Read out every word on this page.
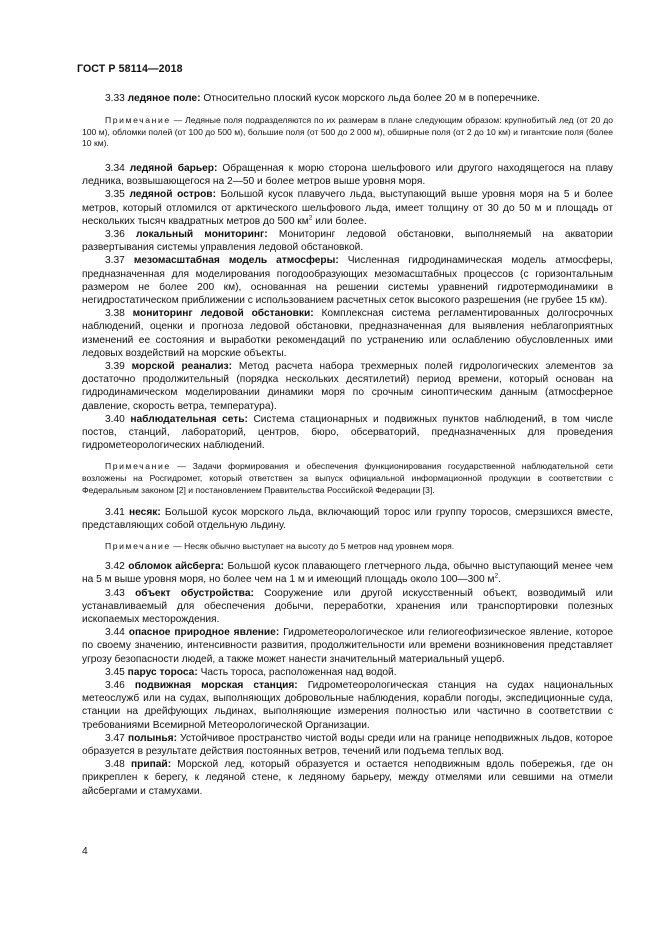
ГОСТ Р 58114—2018

3.33 ледяное поле: Относительно плоский кусок морского льда более 20 м в поперечнике.

Примечание — Ледяные поля подразделяются по их размерам в плане следующим образом: крупнобитый лед (от 20 до 100 м), обломки полей (от 100 до 500 м), большие поля (от 500 до 2 000 м), обширные поля (от 2 до 10 км) и гигантские поля (более 10 км).

3.34 ледяной барьер: Обращенная к морю сторона шельфового или другого находящегося на плаву ледника, возвышающегося на 2—50 и более метров выше уровня моря.

3.35 ледяной остров: Большой кусок плавучего льда, выступающий выше уровня моря на 5 и более метров, который отломился от арктического шельфового льда, имеет толщину от 30 до 50 м и площадь от нескольких тысяч квадратных метров до 500 $км^2$ или более.

3.36 локальный мониторинг: Мониторинг ледовой обстановки, выполняемый на акватории развертывания системы управления ледовой обстановкой.

3.37 мезомасштабная модель атмосферы: Численная гидродинамическая модель атмосферы, предназначенная для моделирования погодообразующих мезомасштабных процессов (с горизонтальным размером не более 200 км), основанная на решении системы уравнений гидротермодинамики в негидростатическом приближении с использованием расчетных сеток высокого разрешения (не грубее 15 км).

3.38 мониторинг ледовой обстановки: Комплексная система регламентированных долгосрочных наблюдений, оценки и прогноза ледовой обстановки, предназначенная для выявления неблагоприятных изменений ее состояния и выработки рекомендаций по устранению или ослаблению обусловленных ими ледовых воздействий на морские объекты.

3.39 морской реанализ: Метод расчета набора трехмерных полей гидрологических элементов за достаточно продолжительный (порядка нескольких десятилетий) период времени, который основан на гидродинамическом моделировании динамики моря по срочным синоптическим данным (атмосферное давление, скорость ветра, температура).

3.40 наблюдательная сеть: Система стационарных и подвижных пунктов наблюдений, в том числе постов, станций, лабораторий, центров, бюро, обсерваторий, предназначенных для проведения гидрометеорологических наблюдений.

Примечание — Задачи формирования и обеспечения функционирования государственной наблюдательной сети возложены на Росгидромет, который ответствен за выпуск официальной информационной продукции в соответствии с Федеральным законом [2] и постановлением Правительства Российской Федерации [3].

3.41 несяк: Большой кусок морского льда, включающий торос или группу торосов, смерзшихся вместе, представляющих собой отдельную льдину.

Примечание — Несяк обычно выступает на высоту до 5 метров над уровнем моря.

3.42 обломок айсберга: Большой кусок плавающего глетчерного льда, обычно выступающий менее чем на 5 м выше уровня моря, но более чем на 1 м и имеющий площадь около 100—300 $м^2$.

3.43 объект обустройства: Сооружение или другой искусственный объект, возводимый или устанавливаемый для обеспечения добычи, переработки, хранения или транспортировки полезных ископаемых месторождения.

3.44 опасное природное явление: Гидрометеорологическое или гелиогеофизическое явление, которое по своему значению, интенсивности развития, продолжительности или времени возникновения представляет угрозу безопасности людей, а также может нанести значительный материальный ущерб.

3.45 парус тороса: Часть тороса, расположенная над водой.

3.46 подвижная морская станция: Гидрометеорологическая станция на судах национальных метеослужб или на судах, выполняющих добровольные наблюдения, корабли погоды, экспедиционные суда, станции на дрейфующих льдинах, выполняющие измерения полностью или частично в соответствии с требованиями Всемирной Метеорологической Организации.

3.47 полынья: Устойчивое пространство чистой воды среди или на границе неподвижных льдов, которое образуется в результате действия постоянных ветров, течений или подъема теплых вод.

3.48 припай: Морской лед, который образуется и остается неподвижным вдоль побережья, где он прикреплен к берегу, к ледяной стене, к ледяному барьеру, между отмелями или севшими на отмели айсбергами и стамухами.

4
